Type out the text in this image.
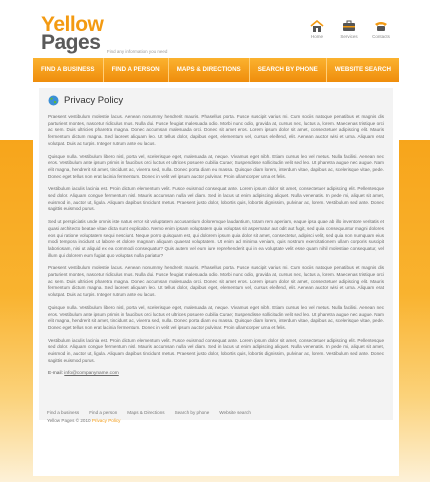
Yellow
Pages Find any information you need
Home	Services	Contacts
FIND A BUSINESS	FIND A PERSON	MAPS & DIRECTIONS	SEARCH BY PHONE	WEBSITE SEARCH
Privacy Policy

Praesent vestibulum molestie lacus. Aenean nonummy hendrerit mauris. Phasellus porta. Fusce suscipit varius mi. Cum sociis natoque penatibus et magnis dis parturient montes, nascetur ridiculus mus. Nulla dui. Fusce feugiat malesuada odio. Morbi nunc odio, gravida at, cursus nec, luctus a, lorem. Maecenas tristique orci ac sem. Duis ultricies pharetra magna. Donec accumsan malesuada orci. Donec sit amet eros. Lorem ipsum dolor sit amet, consectetuer adipiscing elit. Mauris fermentum dictum magna. Sed laoreet aliquam leo. Ut tellus dolor, dapibus eget, elementum vel, cursus eleifend, elit. Aenean auctor wisi et urna. Aliquam erat volutpat. Duis ac turpis. Integer rutrum ante eu lacus.

Quisque nulla. Vestibulum libero nisl, porta vel, scelerisque eget, malesuada at, neque. Vivamus eget nibh. Etiam cursus leo vel metus. Nulla facilisi. Aenean nec eros. Vestibulum ante ipsum primis in faucibus orci luctus et ultrices posuere cubilia Curae; Suspendisse sollicitudin velit sed leo. Ut pharetra augue nec augue. Nam elit magna, hendrerit sit amet, tincidunt ac, viverra sed, nulla. Donec porta diam eu massa. Quisque diam lorem, interdum vitae, dapibus ac, scelerisque vitae, pede. Donec eget tellus non erat lacinia fermentum. Donec in velit vel ipsum auctor pulvinar. Proin ullamcorper urna et felis.

Vestibulum iaculis lacinia est. Proin dictum elementum velit. Fusce euismod consequat ante. Lorem ipsum dolor sit amet, consectetuer adipiscing elit. Pellentesque sed dolor. Aliquam congue fermentum nisl. Mauris accumsan nulla vel diam. Sed in lacus ut enim adipiscing aliquet. Nulla venenatis. In pede mi, aliquet sit amet, euismod in, auctor ut, ligula. Aliquam dapibus tincidunt metus. Praesent justo dolor, lobortis quis, lobortis dignissim, pulvinar ac, lorem. Vestibulum sed ante. Donec sagittis euismod purus.

Sed ut perspiciatis unde omnis iste natus error sit voluptatem accusantium doloremque laudantium, totam rem aperiam, eaque ipsa quae ab illo inventore veritatis et quasi architecto beatae vitae dicta sunt explicabo. Nemo enim ipsam voluptatem quia voluptas sit aspernatur aut odit aut fugit, sed quia consequuntur magni dolores eos qui ratione voluptatem sequi nesciunt. Neque porro quisquam est, qui dolorem ipsum quia dolor sit amet, consectetur, adipisci velit, sed quia non numquam eius modi tempora incidunt ut labore et dolore magnam aliquam quaerat voluptatem. Ut enim ad minima veniam, quis nostrum exercitationem ullam corporis suscipit laboriosam, nisi ut aliquid ex ea commodi consequatur? Quis autem vel eum iure reprehenderit qui in ea voluptate velit esse quam nihil molestiae consequatur, vel illum qui dolorem eum fugiat quo voluptas nulla pariatur?

Praesent vestibulum molestie lacus. Aenean nonummy hendrerit mauris. Phasellus porta. Fusce suscipit varius mi. Cum sociis natoque penatibus et magnis dis parturient montes, nascetur ridiculus mus. Nulla dui. Fusce feugiat malesuada odio. Morbi nunc odio, gravida at, cursus nec, luctus a, lorem. Maecenas tristique orci ac sem. Duis ultricies pharetra magna. Donec accumsan malesuada orci. Donec sit amet eros. Lorem ipsum dolor sit amet, consectetuer adipiscing elit. Mauris fermentum dictum magna. Sed laoreet aliquam leo. Ut tellus dolor, dapibus eget, elementum vel, cursus eleifend, elit. Aenean auctor wisi et urna. Aliquam erat volutpat. Duis ac turpis. Integer rutrum ante eu lacus.

Quisque nulla. Vestibulum libero nisl, porta vel, scelerisque eget, malesuada at, neque. Vivamus eget nibh. Etiam cursus leo vel metus. Nulla facilisi. Aenean nec eros. Vestibulum ante ipsum primis in faucibus orci luctus et ultrices posuere cubilia Curae; Suspendisse sollicitudin velit sed leo. Ut pharetra augue nec augue. Nam elit magna, hendrerit sit amet, tincidunt ac, viverra sed, nulla. Donec porta diam eu massa. Quisque diam lorem, interdum vitae, dapibus ac, scelerisque vitae, pede. Donec eget tellus non erat lacinia fermentum. Donec in velit vel ipsum auctor pulvinar. Proin ullamcorper urna et felis.

Vestibulum iaculis lacinia est. Proin dictum elementum velit. Fusce euismod consequat ante. Lorem ipsum dolor sit amet, consectetuer adipiscing elit. Pellentesque sed dolor. Aliquam congue fermentum nisl. Mauris accumsan nulla vel diam. Sed in lacus ut enim adipiscing aliquet. Nulla venenatis. In pede mi, aliquet sit amet, euismod in, auctor ut, ligula. Aliquam dapibus tincidunt metus. Praesent justo dolor, lobortis quis, lobortis dignissim, pulvinar ac, lorem. Vestibulum sed ante. Donec sagittis euismod purus.

E-mail: info@companyname.com
Find a business Find a person Maps & Directions Search by phone Website search
Yellow Pages © 2010 Privacy Policy
